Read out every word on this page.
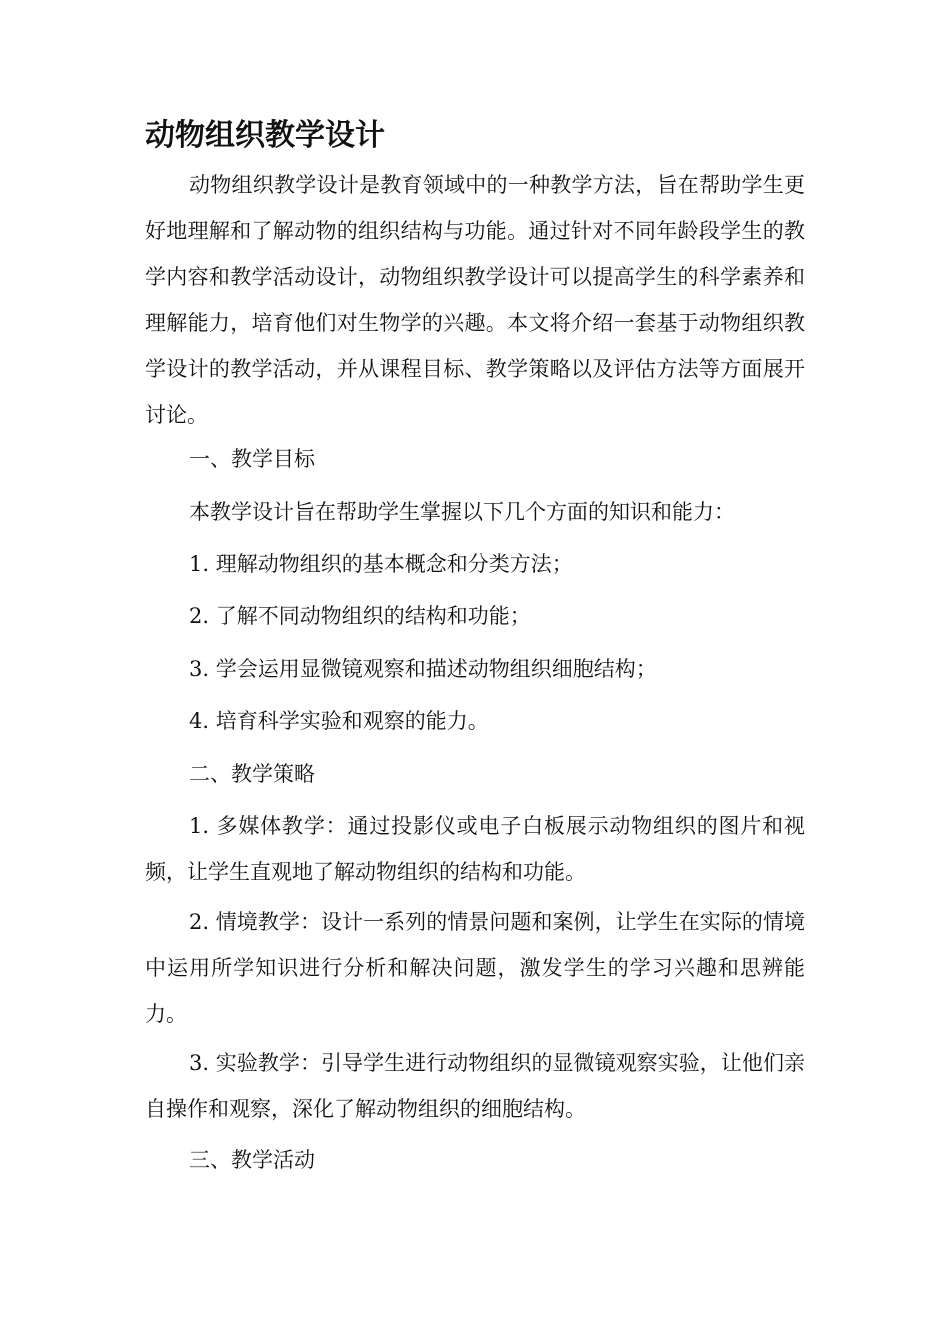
动物组织教学设计

动物组织教学设计是教育领域中的一种教学方法，旨在帮助学生更好地理解和了解动物的组织结构与功能。通过针对不同年龄段学生的教学内容和教学活动设计，动物组织教学设计可以提高学生的科学素养和理解能力，培育他们对生物学的兴趣。本文将介绍一套基于动物组织教学设计的教学活动，并从课程目标、教学策略以及评估方法等方面展开讨论。

一、教学目标

本教学设计旨在帮助学生掌握以下几个方面的知识和能力：

1. 理解动物组织的基本概念和分类方法；

2. 了解不同动物组织的结构和功能；

3. 学会运用显微镜观察和描述动物组织细胞结构；

4. 培育科学实验和观察的能力。

二、教学策略

1. 多媒体教学：通过投影仪或电子白板展示动物组织的图片和视频，让学生直观地了解动物组织的结构和功能。

2. 情境教学：设计一系列的情景问题和案例，让学生在实际的情境中运用所学知识进行分析和解决问题，激发学生的学习兴趣和思辨能力。

3. 实验教学：引导学生进行动物组织的显微镜观察实验，让他们亲自操作和观察，深化了解动物组织的细胞结构。

三、教学活动
